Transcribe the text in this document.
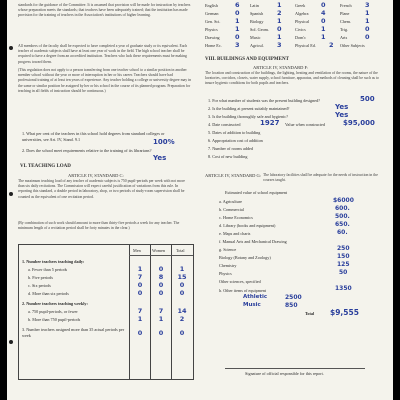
standards for the guidance of the Committee. It is assumed that provision will be made for instruction by teachers whose preparation meets the standards; that teachers have been adequately trained; that the institution has made provision for the training of teachers in the Association's institutions of higher learning.
All members of the faculty shall be expected to have completed a year of graduate study or its equivalent. Each teacher of academic subjects shall have at least one year of work in the field. The high school teacher shall be required to have a degree from an accredited institution. Teachers who lack these requirements must be making progress toward them.
(This regulation does not apply to a person transferring from one teacher school to a similar position in another member school without the year or more of interruption in her or his career. Teachers should have had professional training of at least ten years of experience. Any teacher holding a college or university degree may in the same or similar position be assigned by her or his school in the course of its planned program. Preparation for teaching in all fields of instruction should be continuous.)
1. What per cent of the teachers in this school hold degrees from standard colleges or universities, see Art. IV, Stand. 9.1	100%
2. Does the school meet requirements relative to the training of its librarians?
Yes
VI. TEACHING LOAD
ARTICLE IV, STANDARD C:
The maximum teaching load of any teacher of academic subjects is 750 pupil-periods per week with not more than six daily recitations. The Commission will expect careful justification of variations from this rule. In reporting this standard, a double period in laboratory, shop, or two periods of study-room supervision shall be counted as the equivalent of one recitation period.
(By combination of such work should amount to more than thirty-five periods a week for any teacher. The minimum length of a recitation period shall be forty minutes in the clear.)
Men	Women	Total
1. Number teachers teaching daily:
a. Fewer than 5 periods	1	0	1
b. Five periods	7	8	15
c. Six periods	0	0	0
d. More than six periods	0	0	0
2. Number teachers teaching weekly:
a. 750 pupil-periods, or fewer	7	7	14
b. More than 750 pupil-periods	1	1	2
3. Number teachers assigned more than 35 actual periods per week	0	0	0
English	6 Latin	1	Greek 0	French 3
German	0 Spanish 2	Algebra 4	Plane 1
Gen. Sci. 1 Biology 1	Physical 0	Chem. 1
Physics	1 Sol. Geom. 0	Civics 1	Trig.	0
Drawing 0 Music	1	Dom'c 1	Arts	0
Home Ec. 3 Agricul. 3	Physical Ed. 2 Other Subjects
VIII. BUILDINGS AND EQUIPMENT
ARTICLE IV, STANDARD F:
The location and construction of the buildings, the lighting, heating and ventilation of the rooms, the nature of the lavatories, corridors, closets, water supply, school furniture, apparatus, and methods of cleaning shall be such as to insure hygienic conditions for both pupils and teachers.
1. For what number of students was the present building designed?	500
2. Is the building at present suitably maintained?	Yes
3. Is the building thoroughly safe and hygienic?	Yes
4. Date constructed	1927 Value when constructed	$95,000
5. Dates of addition to building
6. Appropriation cost of addition
7. Number of rooms added
8. Cost of new building
ARTICLE IV, STANDARD G: The laboratory facilities shall be adequate for the needs of instruction in the courses taught.
Estimated value of school equipment
a. Agriculture	$6000
b. Commercial	600.
c. Home Economics	500.
d. Library (books and equipment)	650.
e. Maps and charts	60.
f. Manual Arts and Mechanical Drawing
g. Science	250
Biology (Botany and Zoology)	150
Chemistry	125
Physics	50
Other sciences, specified
h. Other items of equipment	1350
Athletic	2500
Music	850
Total $9,555
Signature of official responsible for this report.
